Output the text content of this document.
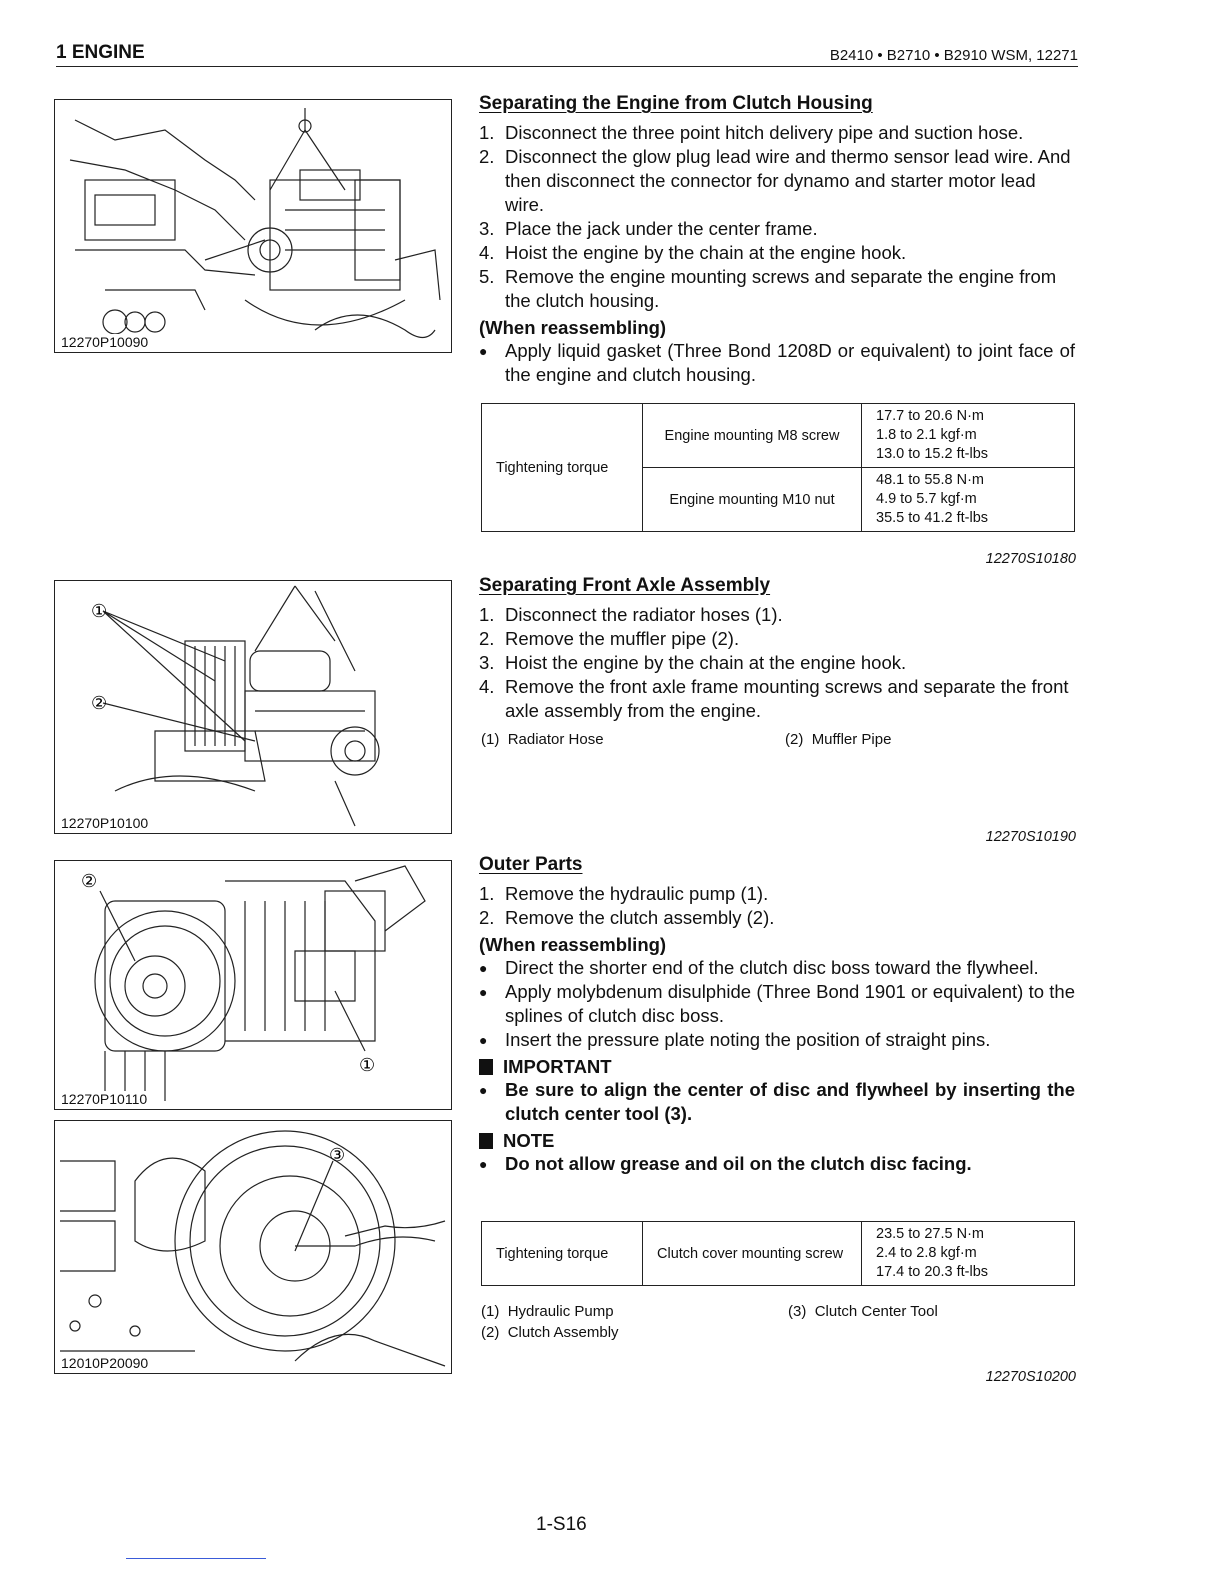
1 ENGINE	B2410 • B2710 • B2910 WSM, 12271
12270P10090
①
②
12270P10100
②
①
12270P10110
③
12010P20090
Separating the Engine from Clutch Housing
1. Disconnect the three point hitch delivery pipe and suction hose.
2. Disconnect the glow plug lead wire and thermo sensor lead wire. And then disconnect the connector for dynamo and starter motor lead wire.
3. Place the jack under the center frame.
4. Hoist the engine by the chain at the engine hook.
5. Remove the engine mounting screws and separate the engine from the clutch housing.
(When reassembling)
● Apply liquid gasket (Three Bond 1208D or equivalent) to joint face of the engine and clutch housing.
Tightening torque	Engine mounting M8 screw	17.7 to 20.6 N·m
1.8 to 2.1 kgf·m
13.0 to 15.2 ft-lbs

	Engine mounting M10 nut	48.1 to 55.8 N·m
4.9 to 5.7 kgf·m
35.5 to 41.2 ft-lbs
12270S10180
Separating Front Axle Assembly
1. Disconnect the radiator hoses (1).
2. Remove the muffler pipe (2).
3. Hoist the engine by the chain at the engine hook.
4. Remove the front axle frame mounting screws and separate the front axle assembly from the engine.
(1) Radiator Hose	(2) Muffler Pipe
12270S10190
Outer Parts
1. Remove the hydraulic pump (1).
2. Remove the clutch assembly (2).
(When reassembling)
● Direct the shorter end of the clutch disc boss toward the flywheel.
● Apply molybdenum disulphide (Three Bond 1901 or equivalent) to the splines of clutch disc boss.
● Insert the pressure plate noting the position of straight pins.
IMPORTANT
● Be sure to align the center of disc and flywheel by inserting the clutch center tool (3).
NOTE
● Do not allow grease and oil on the clutch disc facing.
Tightening torque	Clutch cover mounting screw	
23.5 to 27.5 N·m
2.4 to 2.8 kgf·m
17.4 to 20.3 ft-lbs
(1) Hydraulic Pump
(2) Clutch Assembly
(3) Clutch Center Tool
12270S10200
1-S16
